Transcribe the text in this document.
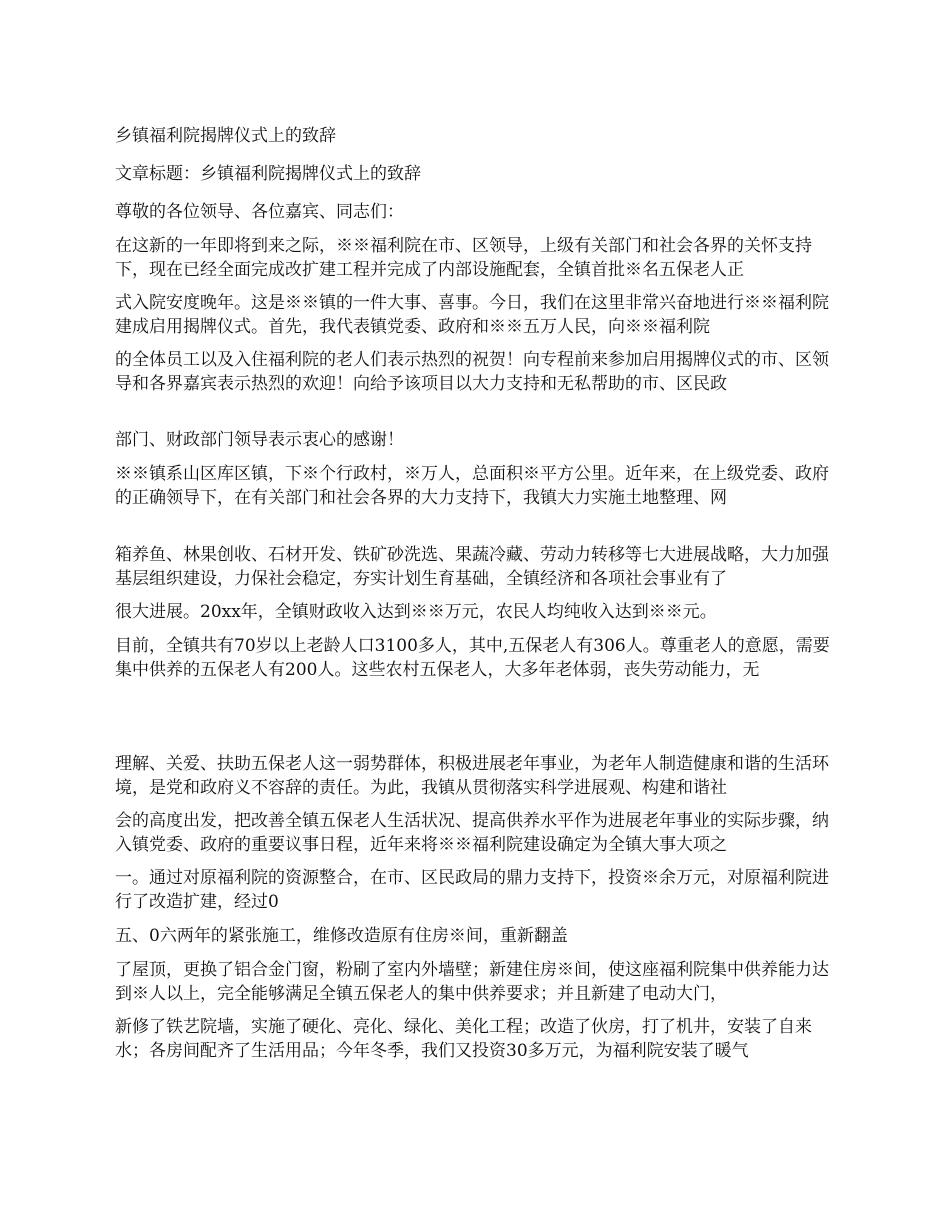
乡镇福利院揭牌仪式上的致辞

文章标题：乡镇福利院揭牌仪式上的致辞

尊敬的各位领导、各位嘉宾、同志们：

在这新的一年即将到来之际，※※福利院在市、区领导，上级有关部门和社会各界的关怀支持下，现在已经全面完成改扩建工程并完成了内部设施配套，全镇首批※名五保老人正

式入院安度晚年。这是※※镇的一件大事、喜事。今日，我们在这里非常兴奋地进行※※福利院建成启用揭牌仪式。首先，我代表镇党委、政府和※※五万人民，向※※福利院

的全体员工以及入住福利院的老人们表示热烈的祝贺！向专程前来参加启用揭牌仪式的市、区领导和各界嘉宾表示热烈的欢迎！向给予该项目以大力支持和无私帮助的市、区民政

部门、财政部门领导表示衷心的感谢！

※※镇系山区库区镇，下※个行政村，※万人，总面积※平方公里。近年来，在上级党委、政府的正确领导下，在有关部门和社会各界的大力支持下，我镇大力实施土地整理、网

箱养鱼、林果创收、石材开发、铁矿砂洗选、果蔬冷藏、劳动力转移等七大进展战略，大力加强基层组织建设，力保社会稳定，夯实计划生育基础，全镇经济和各项社会事业有了

很大进展。20xx年，全镇财政收入达到※※万元，农民人均纯收入达到※※元。

目前，全镇共有70岁以上老龄人口3100多人，其中,五保老人有306人。尊重老人的意愿，需要集中供养的五保老人有200人。这些农村五保老人，大多年老体弱，丧失劳动能力，无

理解、关爱、扶助五保老人这一弱势群体，积极进展老年事业，为老年人制造健康和谐的生活环境，是党和政府义不容辞的责任。为此，我镇从贯彻落实科学进展观、构建和谐社

会的高度出发，把改善全镇五保老人生活状况、提高供养水平作为进展老年事业的实际步骤，纳入镇党委、政府的重要议事日程，近年来将※※福利院建设确定为全镇大事大项之

一。通过对原福利院的资源整合，在市、区民政局的鼎力支持下，投资※余万元，对原福利院进行了改造扩建，经过0

五、0六两年的紧张施工，维修改造原有住房※间，重新翻盖

了屋顶，更换了铝合金门窗，粉刷了室内外墙壁；新建住房※间，使这座福利院集中供养能力达到※人以上，完全能够满足全镇五保老人的集中供养要求；并且新建了电动大门，

新修了铁艺院墙，实施了硬化、亮化、绿化、美化工程；改造了伙房，打了机井，安装了自来水；各房间配齐了生活用品；今年冬季，我们又投资30多万元，为福利院安装了暖气
